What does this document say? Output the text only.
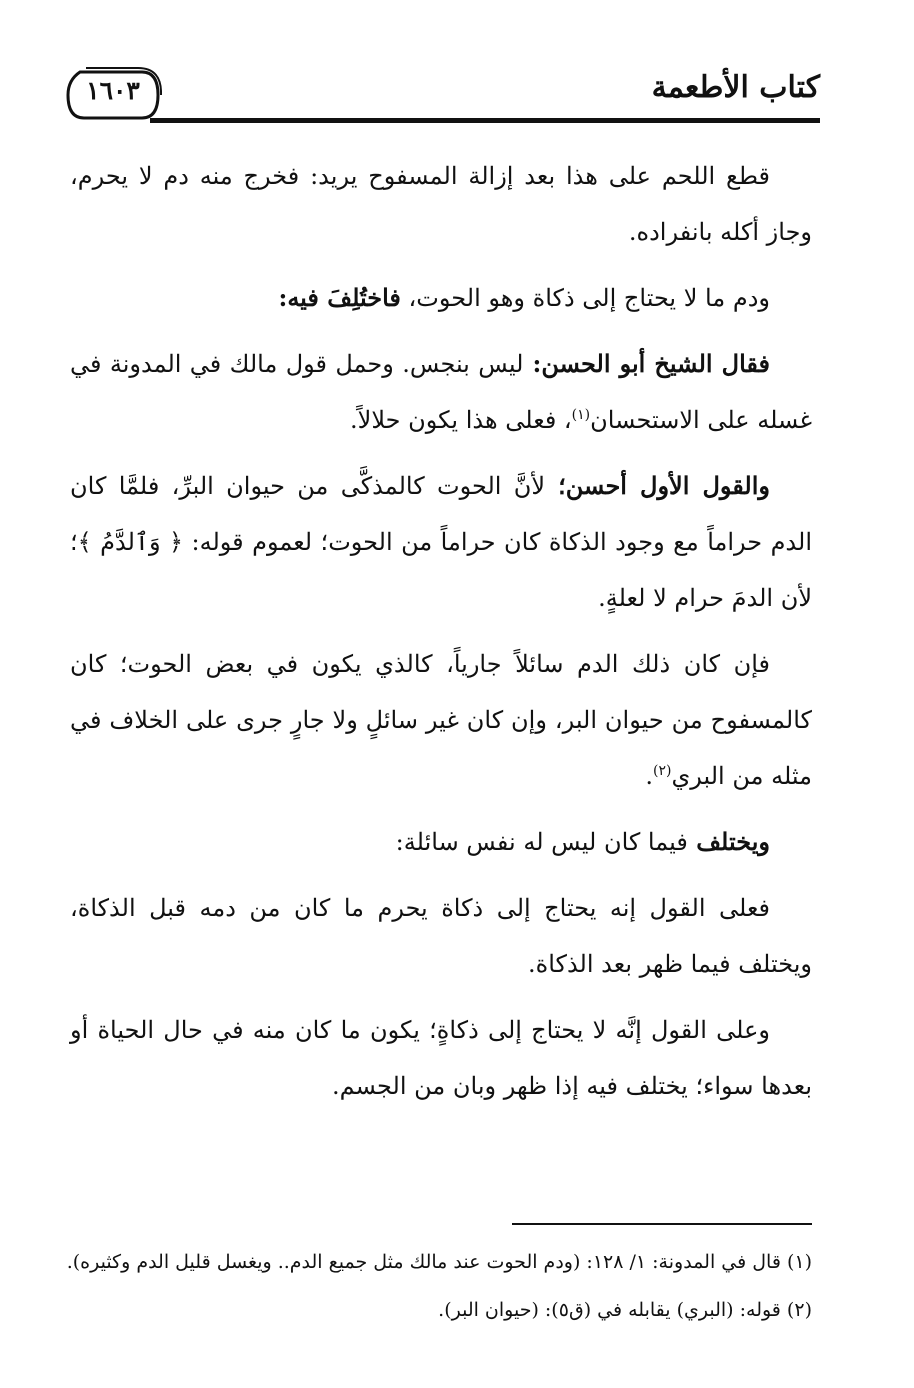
١٦٠٣	كتاب الأطعمة

قطع اللحم على هذا بعد إزالة المسفوح يريد: فخرج منه دم لا يحرم، وجاز أكله بانفراده.

ودم ما لا يحتاج إلى ذكاة وهو الحوت، فاختُلِفَ فيه:

فقال الشيخ أبو الحسن: ليس بنجس. وحمل قول مالك في المدونة في غسله على الاستحسان$^{(١)}$، فعلى هذا يكون حلالاً.

والقول الأول أحسن؛ لأنَّ الحوت كالمذكَّى من حيوان البرِّ، فلمَّا كان الدم حراماً مع وجود الذكاة كان حراماً من الحوت؛ لعموم قوله: ﴿ وَٱلدَّمُ ﴾؛ لأن الدمَ حرام لا لعلةٍ.

فإن كان ذلك الدم سائلاً جارياً، كالذي يكون في بعض الحوت؛ كان كالمسفوح من حيوان البر، وإن كان غير سائلٍ ولا جارٍ جرى على الخلاف في مثله من البري$^{(٢)}$.

ويختلف فيما كان ليس له نفس سائلة:

فعلى القول إنه يحتاج إلى ذكاة يحرم ما كان من دمه قبل الذكاة، ويختلف فيما ظهر بعد الذكاة.

وعلى القول إنَّه لا يحتاج إلى ذكاةٍ؛ يكون ما كان منه في حال الحياة أو بعدها سواء؛ يختلف فيه إذا ظهر وبان من الجسم.

(١) قال في المدونة: ١/ ١٢٨: (ودم الحوت عند مالك مثل جميع الدم.. ويغسل قليل الدم وكثيره).

(٢) قوله: (البري) يقابله في (ق٥): (حيوان البر).
